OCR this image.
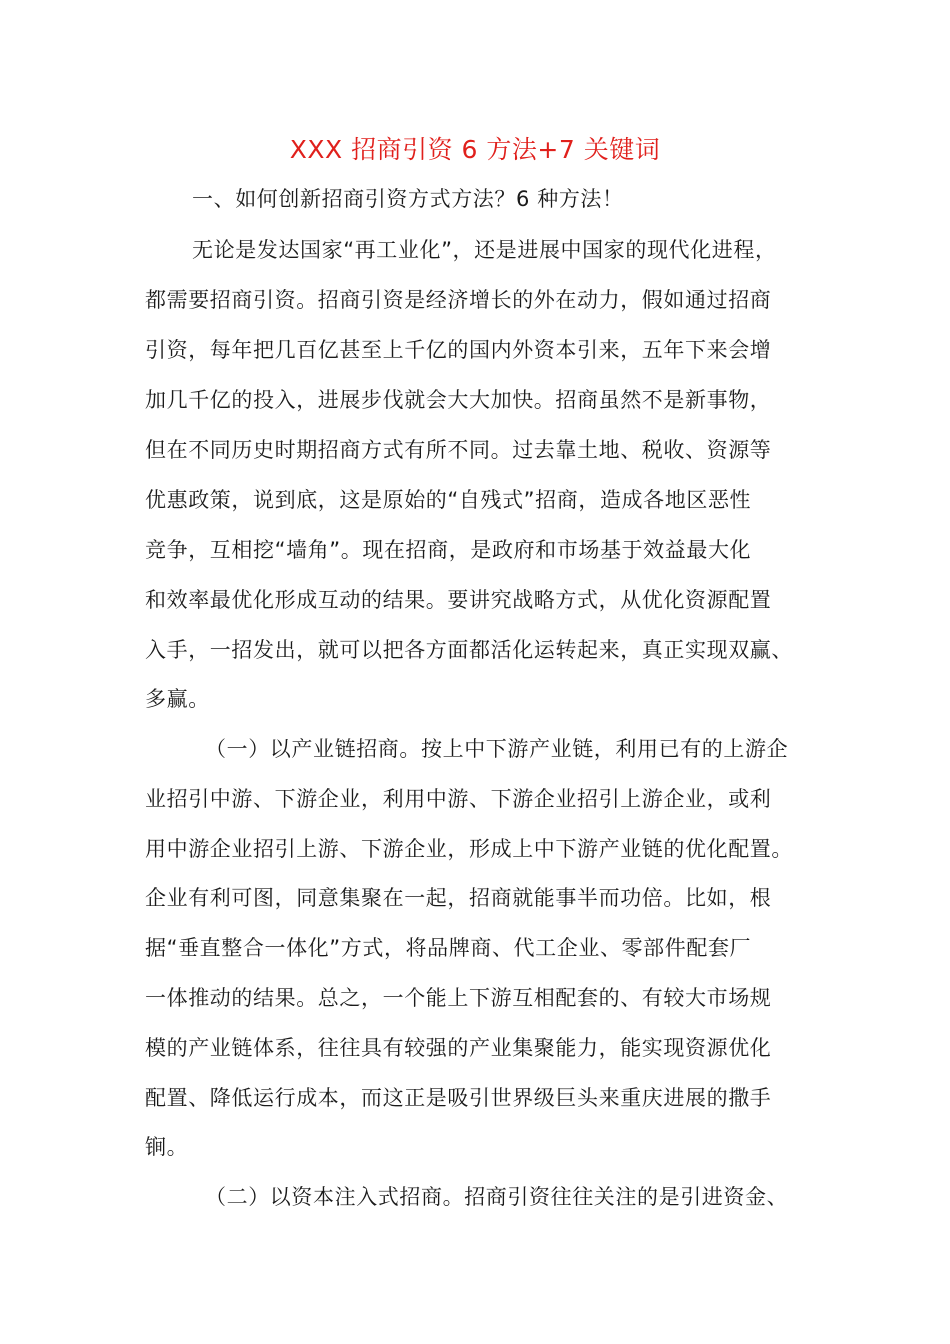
XXX 招商引资 6 方法+7 关键词
一、如何创新招商引资方式方法？6 种方法！
无论是发达国家“再工业化”，还是进展中国家的现代化进程，
都需要招商引资。招商引资是经济增长的外在动力，假如通过招商
引资，每年把几百亿甚至上千亿的国内外资本引来，五年下来会增
加几千亿的投入，进展步伐就会大大加快。招商虽然不是新事物，
但在不同历史时期招商方式有所不同。过去靠土地、税收、资源等
优惠政策，说到底，这是原始的“自残式”招商，造成各地区恶性
竞争，互相挖“墙角”。现在招商，是政府和市场基于效益最大化
和效率最优化形成互动的结果。要讲究战略方式，从优化资源配置
入手，一招发出，就可以把各方面都活化运转起来，真正实现双赢、
多赢。
（一）以产业链招商。按上中下游产业链，利用已有的上游企
业招引中游、下游企业，利用中游、下游企业招引上游企业，或利
用中游企业招引上游、下游企业，形成上中下游产业链的优化配置。
企业有利可图，同意集聚在一起，招商就能事半而功倍。比如，根
据“垂直整合一体化”方式，将品牌商、代工企业、零部件配套厂
一体推动的结果。总之，一个能上下游互相配套的、有较大市场规
模的产业链体系，往往具有较强的产业集聚能力，能实现资源优化
配置、降低运行成本，而这正是吸引世界级巨头来重庆进展的撒手
锏。
（二）以资本注入式招商。招商引资往往关注的是引进资金、
